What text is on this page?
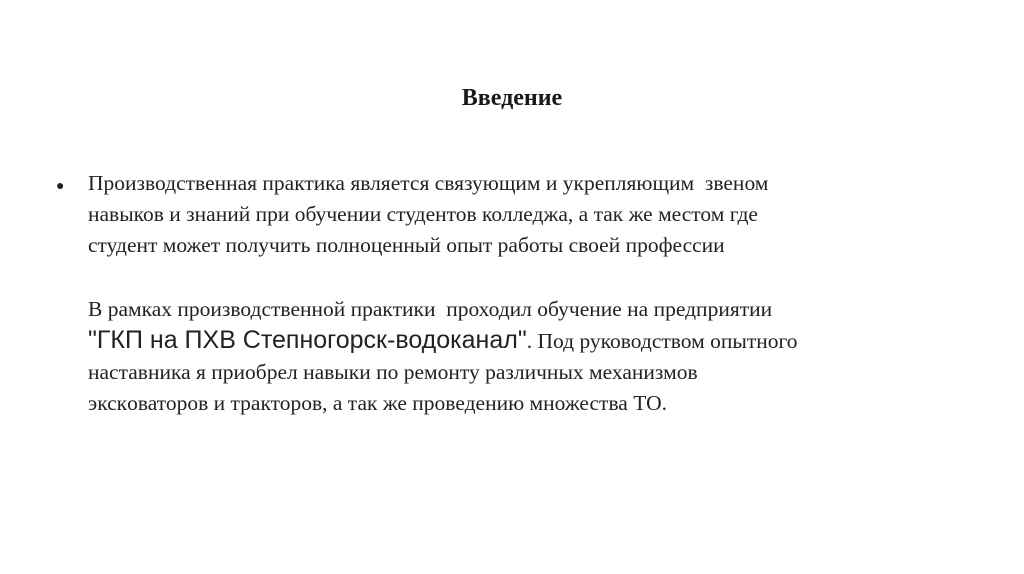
Введение
● Производственная практика является связующим и укрепляющим  звеном
навыков и знаний при обучении студентов колледжа, а так же местом где
студент может получить полноценный опыт работы своей профессии
В рамках производственной практики  проходил обучение на предприятии
"ГКП на ПХВ Степногорск-водоканал". Под руководством опытного
наставника я приобрел навыки по ремонту различных механизмов
экскoваторов и тракторов, а так же проведению множества ТО.
